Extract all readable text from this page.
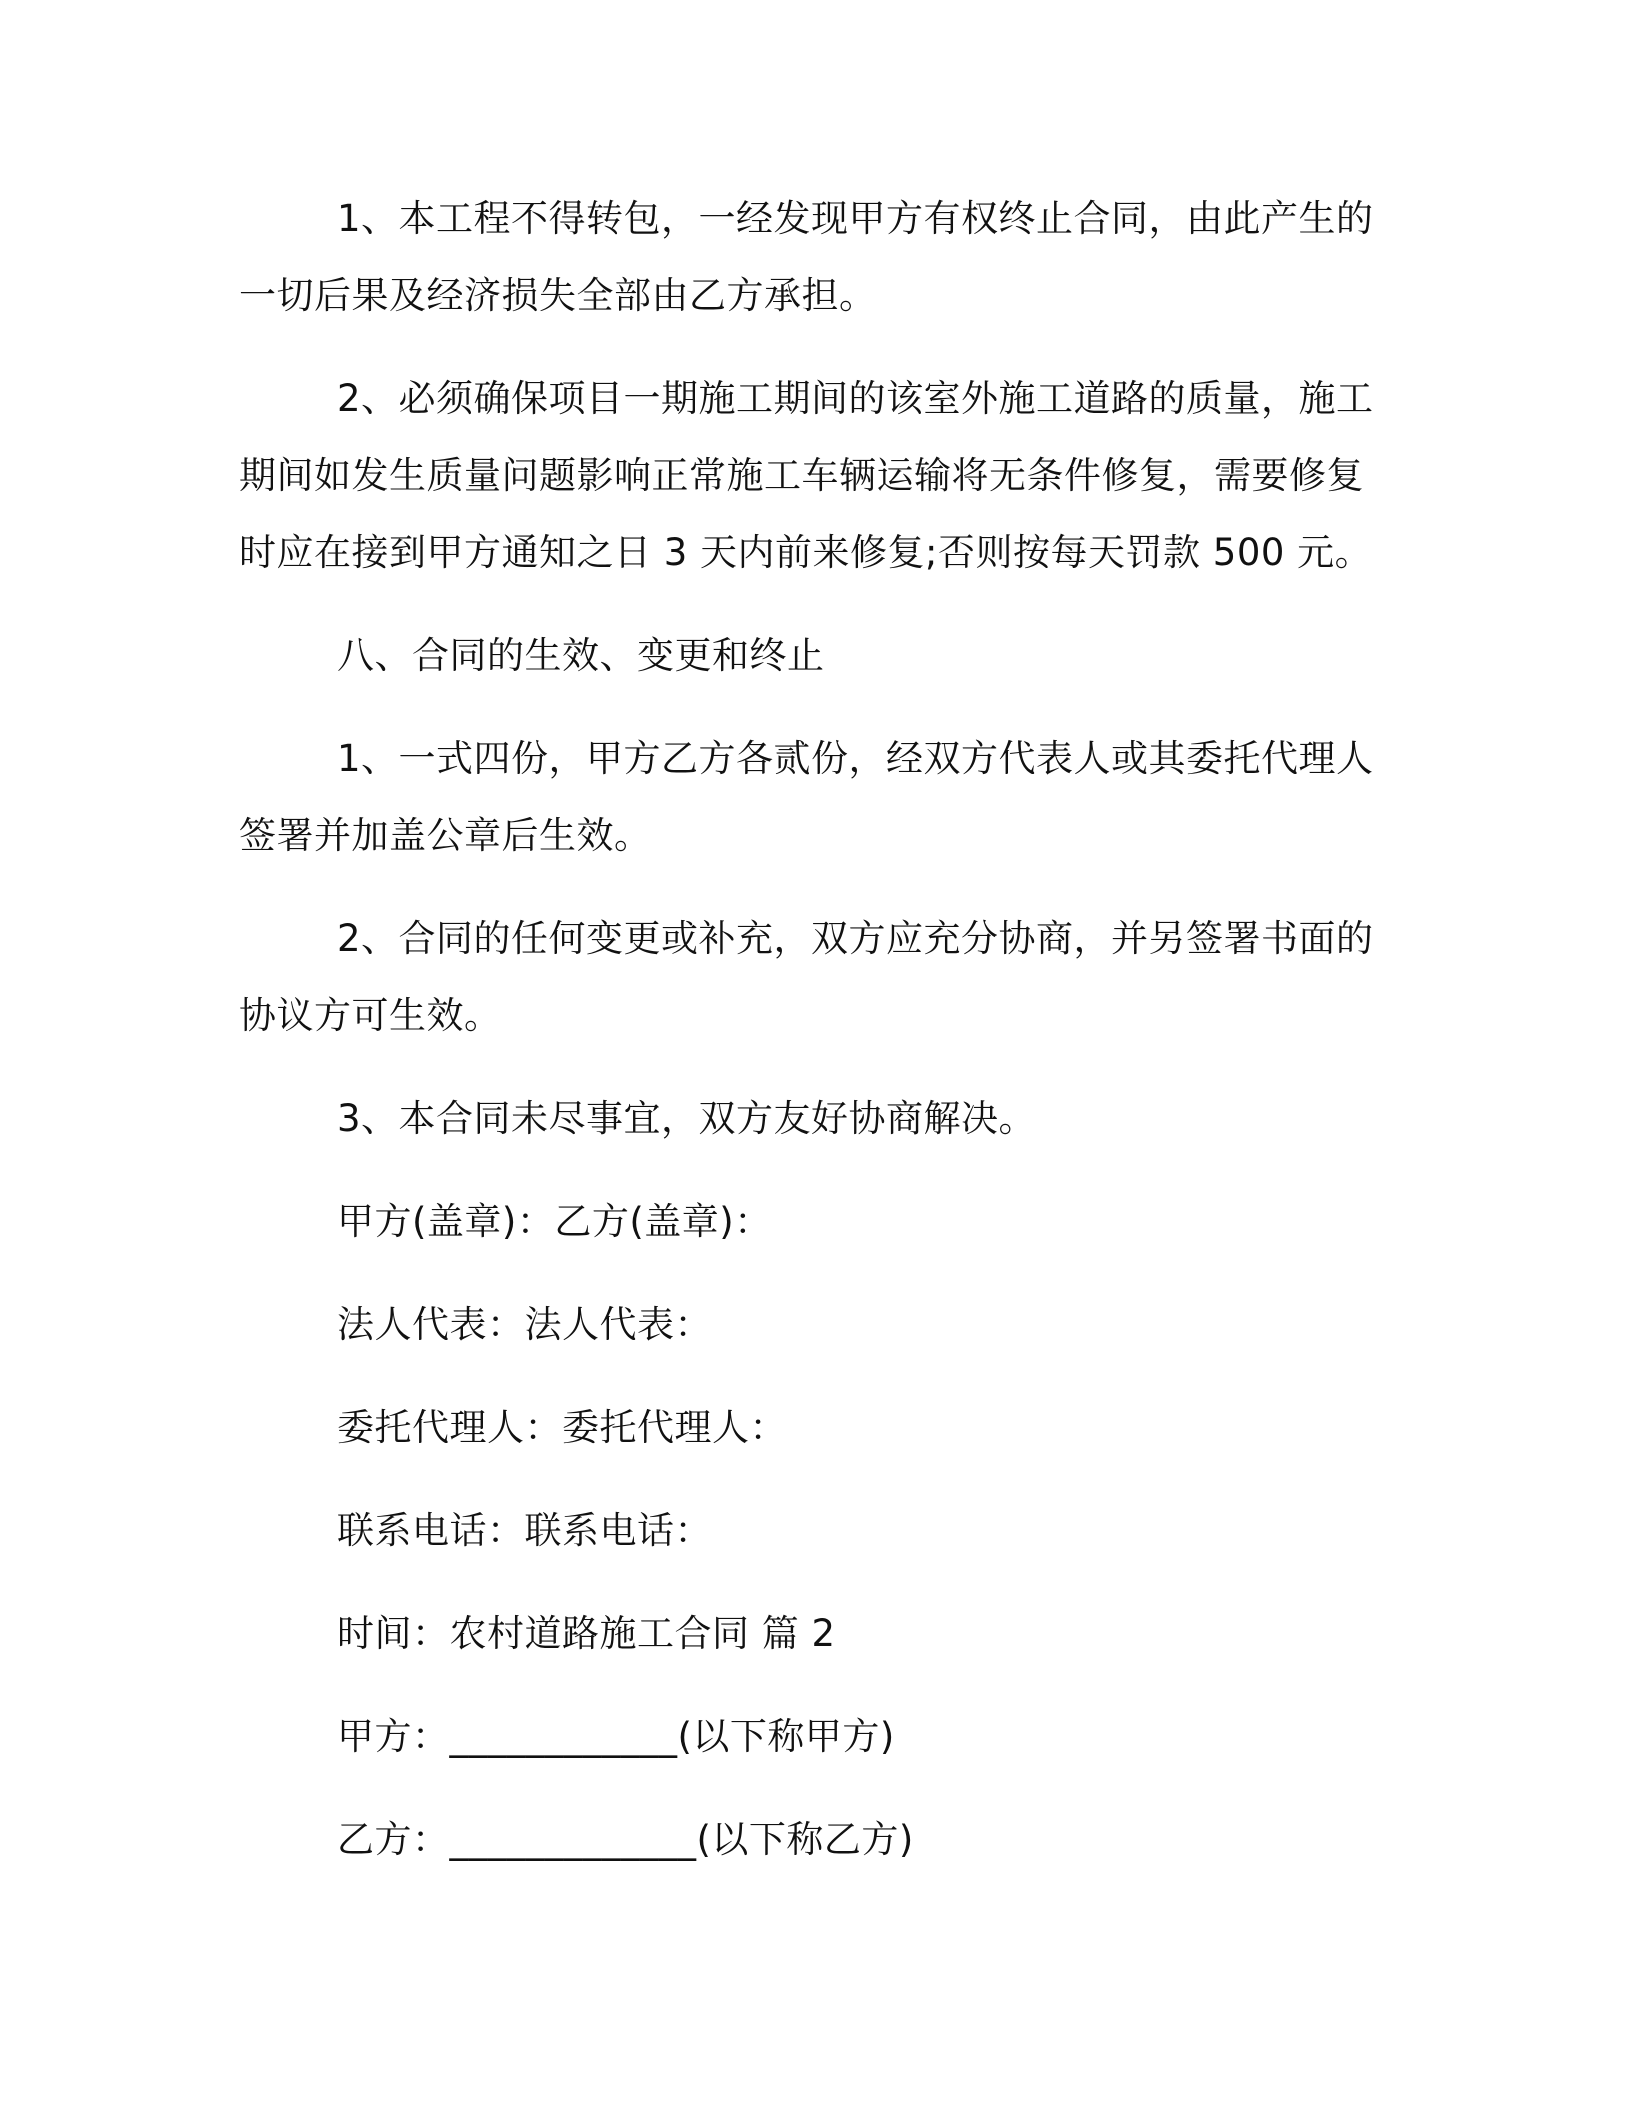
1、本工程不得转包，一经发现甲方有权终止合同，由此产生的
一切后果及经济损失全部由乙方承担。
2、必须确保项目一期施工期间的该室外施工道路的质量，施工
期间如发生质量问题影响正常施工车辆运输将无条件修复，需要修复
时应在接到甲方通知之日 3 天内前来修复;否则按每天罚款 500 元。
八、合同的生效、变更和终止
1、一式四份，甲方乙方各贰份，经双方代表人或其委托代理人
签署并加盖公章后生效。
2、合同的任何变更或补充，双方应充分协商，并另签署书面的
协议方可生效。
3、本合同未尽事宜，双方友好协商解决。
甲方(盖章)：乙方(盖章)：
法人代表：法人代表：
委托代理人：委托代理人：
联系电话：联系电话：
时间：农村道路施工合同 篇 2
甲方：____________(以下称甲方)
乙方：_____________(以下称乙方)
